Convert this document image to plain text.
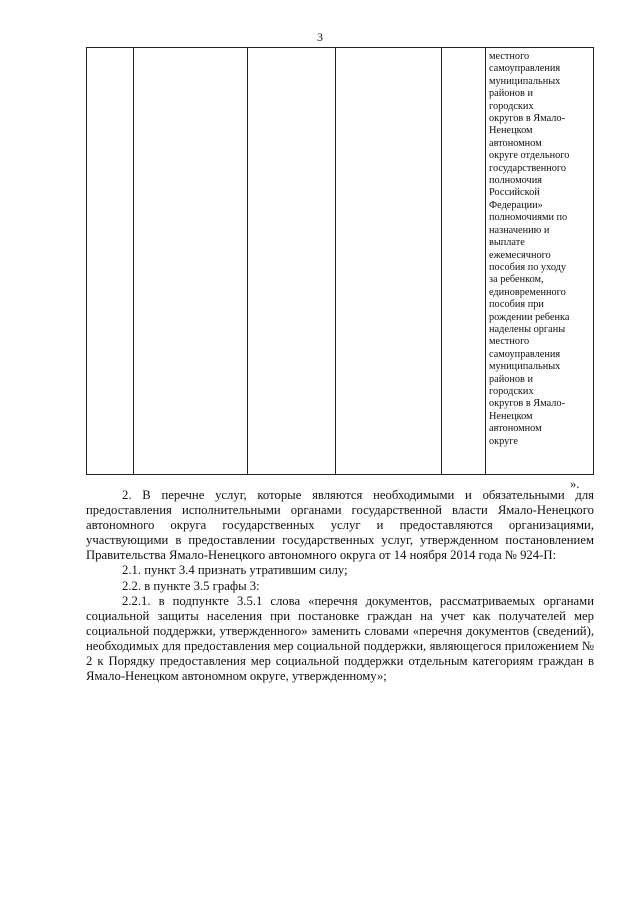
3
местного
самоуправления
муниципальных
районов и
городских
округов в Ямало-
Ненецком
автономном
округе отдельного
государственного
полномочия
Российской
Федерации»
полномочиями по
назначению и
выплате
ежемесячного
пособия по уходу
за ребенком,
единовременного
пособия при
рождении ребенка
наделены органы
местного
самоуправления
муниципальных
районов и
городских
округов в Ямало-
Ненецком
автономном
округе
».

2. В перечне услуг, которые являются необходимыми и обязательными для предоставления исполнительными органами государственной власти Ямало-Ненецкого автономного округа государственных услуг и предоставляются организациями, участвующими в предоставлении государственных услуг, утвержденном постановлением Правительства Ямало-Ненецкого автономного округа от 14 ноября 2014 года № 924-П:

2.1. пункт 3.4 признать утратившим силу;

2.2. в пункте 3.5 графы 3:

2.2.1. в подпункте 3.5.1 слова «перечня документов, рассматриваемых органами социальной защиты населения при постановке граждан на учет как получателей мер социальной поддержки, утвержденного» заменить словами «перечня документов (сведений), необходимых для предоставления мер социальной поддержки, являющегося приложением № 2 к Порядку предоставления мер социальной поддержки отдельным категориям граждан в Ямало-Ненецком автономном округе, утвержденному»;
